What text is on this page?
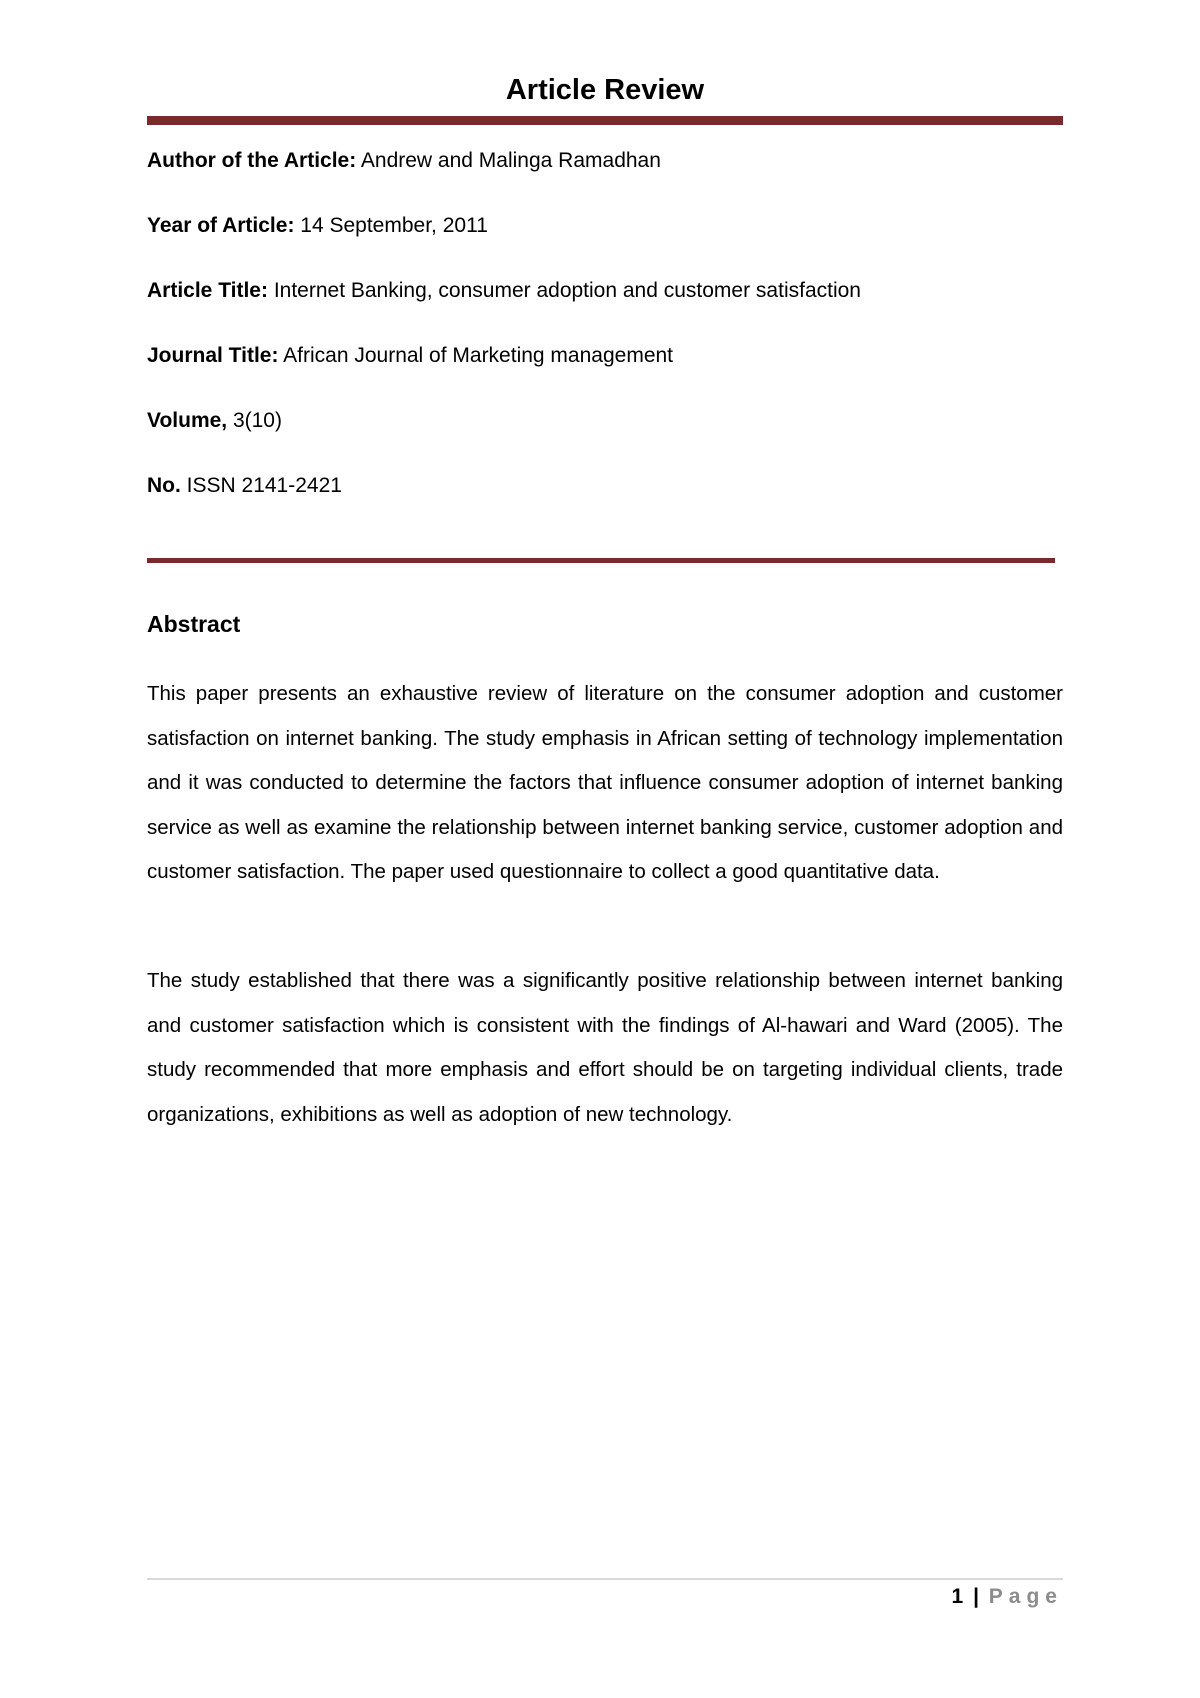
Article Review
Author of the Article: Andrew and Malinga Ramadhan
Year of Article: 14 September, 2011
Article Title: Internet Banking, consumer adoption and customer satisfaction
Journal Title: African Journal of Marketing management
Volume, 3(10)
No. ISSN 2141-2421
Abstract

This paper presents an exhaustive review of literature on the consumer adoption and customer satisfaction on internet banking. The study emphasis in African setting of technology implementation and it was conducted to determine the factors that influence consumer adoption of internet banking service as well as examine the relationship between internet banking service, customer adoption and customer satisfaction. The paper used questionnaire to collect a good quantitative data.

The study established that there was a significantly positive relationship between internet banking and customer satisfaction which is consistent with the findings of Al-hawari and Ward (2005). The study recommended that more emphasis and effort should be on targeting individual clients, trade organizations, exhibitions as well as adoption of new technology.

1 | Page
